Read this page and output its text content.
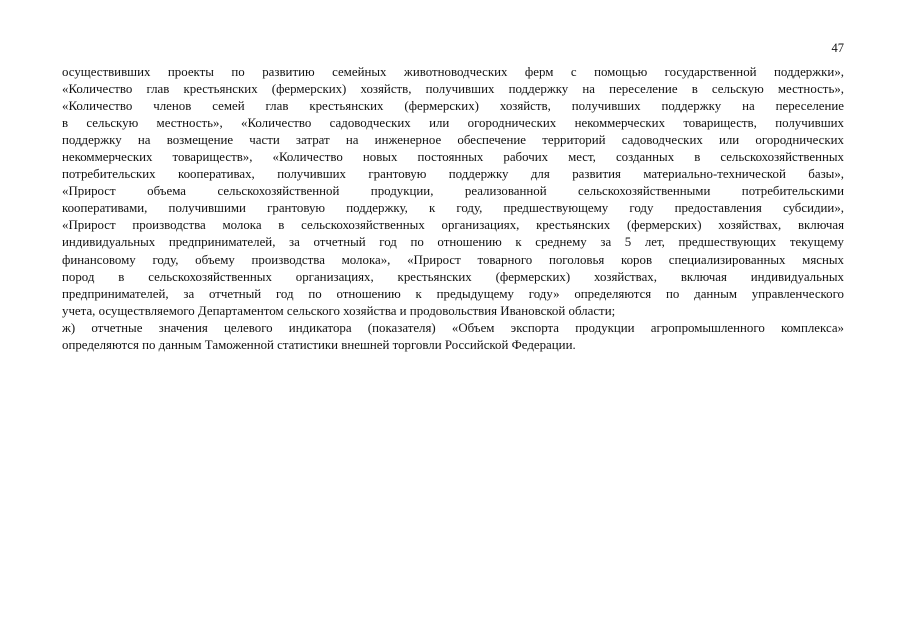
47
осуществивших проекты по развитию семейных животноводческих ферм с помощью государственной поддержки»,
«Количество глав крестьянских (фермерских) хозяйств, получивших поддержку на переселение в сельскую местность»,
«Количество членов семей глав крестьянских (фермерских) хозяйств, получивших поддержку на переселение
в сельскую местность», «Количество садоводческих или огороднических некоммерческих товариществ, получивших
поддержку на возмещение части затрат на инженерное обеспечение территорий садоводческих или огороднических
некоммерческих товариществ», «Количество новых постоянных рабочих мест, созданных в сельскохозяйственных
потребительских кооперативах, получивших грантовую поддержку для развития материально-технической базы»,
«Прирост объема сельскохозяйственной продукции, реализованной сельскохозяйственными потребительскими
кооперативами, получившими грантовую поддержку, к году, предшествующему году предоставления субсидии»,
«Прирост производства молока в сельскохозяйственных организациях, крестьянских (фермерских) хозяйствах, включая
индивидуальных предпринимателей, за отчетный год по отношению к среднему за 5 лет, предшествующих текущему
финансовому году, объему производства молока», «Прирост товарного поголовья коров специализированных мясных
пород в сельскохозяйственных организациях, крестьянских (фермерских) хозяйствах, включая индивидуальных
предпринимателей, за отчетный год по отношению к предыдущему году» определяются по данным управленческого
учета, осуществляемого Департаментом сельского хозяйства и продовольствия Ивановской области;
ж) отчетные значения целевого индикатора (показателя) «Объем экспорта продукции агропромышленного комплекса»
определяются по данным Таможенной статистики внешней торговли Российской Федерации.
